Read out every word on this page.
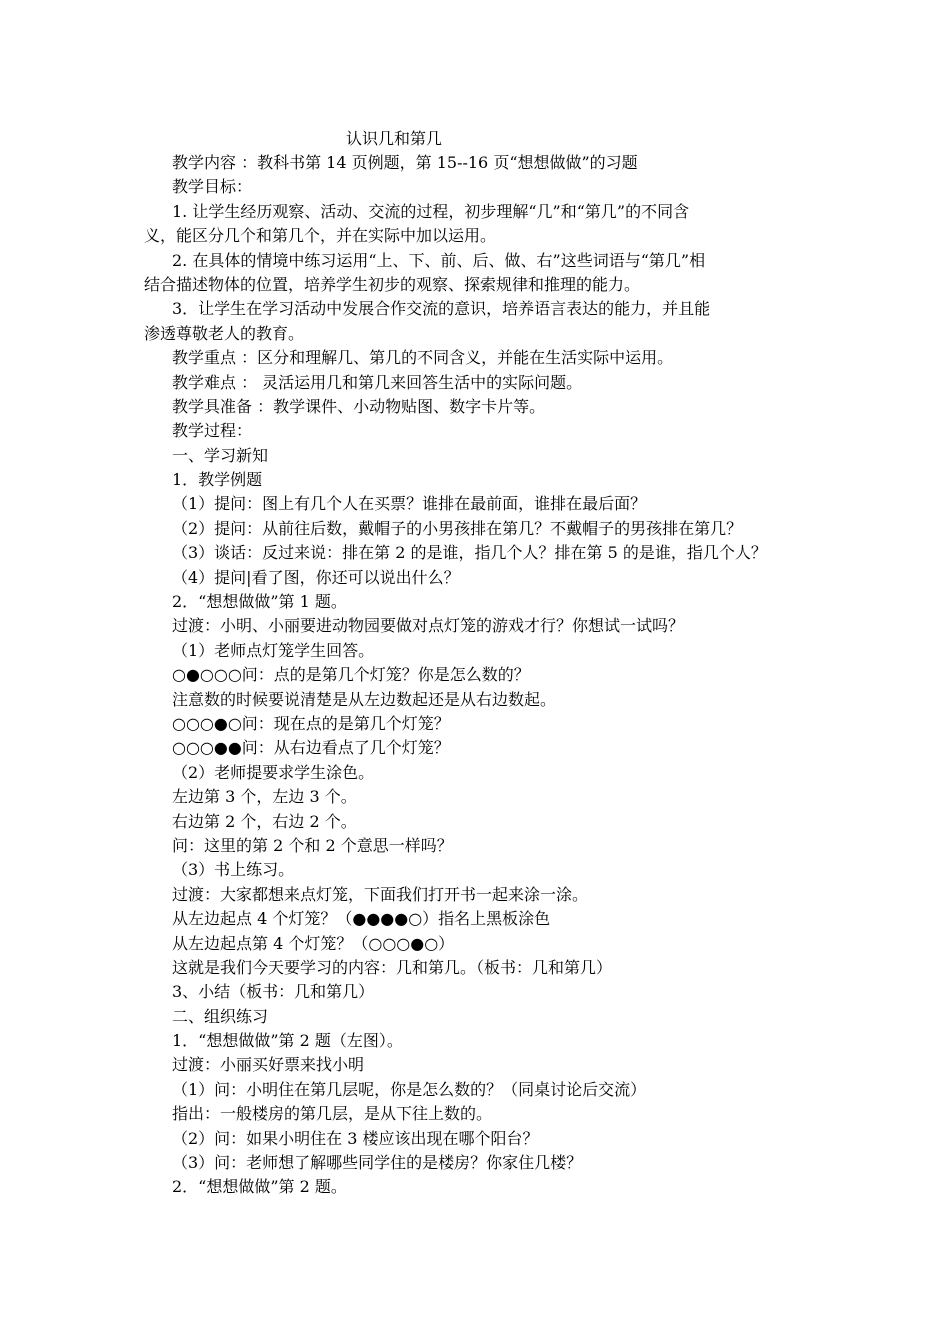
认识几和第几
教学内容 ：教科书第 14 页例题，第 15--16 页“想想做做”的习题
教学目标：
1. 让学生经历观察、活动、交流的过程，初步理解“几”和“第几”的不同含
义，能区分几个和第几个，并在实际中加以运用。
2. 在具体的情境中练习运用“上、下、前、后、做、右”这些词语与“第几”相
结合描述物体的位置，培养学生初步的观察、探索规律和推理的能力。
3．让学生在学习活动中发展合作交流的意识，培养语言表达的能力，并且能
渗透尊敬老人的教育。
教学重点 ：区分和理解几、第几的不同含义，并能在生活实际中运用。
教学难点 ： 灵活运用几和第几来回答生活中的实际问题。
教学具准备 ：教学课件、小动物贴图、数字卡片等。
教学过程：
一、学习新知
1．教学例题
（1）提问：图上有几个人在买票？谁排在最前面，谁排在最后面？
（2）提问：从前往后数，戴帽子的小男孩排在第几？不戴帽子的男孩排在第几？
（3）谈话：反过来说：排在第 2 的是谁，指几个人？排在第 5 的是谁，指几个人？
（4）提问|看了图，你还可以说出什么？
2．“想想做做”第 1 题。
过渡：小明、小丽要进动物园要做对点灯笼的游戏才行？你想试一试吗？
（1）老师点灯笼学生回答。
○●○○○问：点的是第几个灯笼？你是怎么数的？
注意数的时候要说清楚是从左边数起还是从右边数起。
○○○●○问：现在点的是第几个灯笼？
○○○●●问：从右边看点了几个灯笼？
（2）老师提要求学生涂色。
左边第 3 个，左边 3 个。
右边第 2 个，右边 2 个。
问：这里的第 2 个和 2 个意思一样吗？
（3）书上练习。
过渡：大家都想来点灯笼，下面我们打开书一起来涂一涂。
从左边起点 4 个灯笼？（●●●●○）指名上黑板涂色
从左边起点第 4 个灯笼？（○○○●○）
这就是我们今天要学习的内容：几和第几。（板书：几和第几）
3、小结（板书：几和第几）
二、组织练习
1．“想想做做”第 2 题（左图）。
过渡：小丽买好票来找小明
（1）问：小明住在第几层呢，你是怎么数的？（同桌讨论后交流）
指出：一般楼房的第几层，是从下往上数的。
（2）问：如果小明住在 3 楼应该出现在哪个阳台？
（3）问：老师想了解哪些同学住的是楼房？你家住几楼？
2．“想想做做”第 2 题。
